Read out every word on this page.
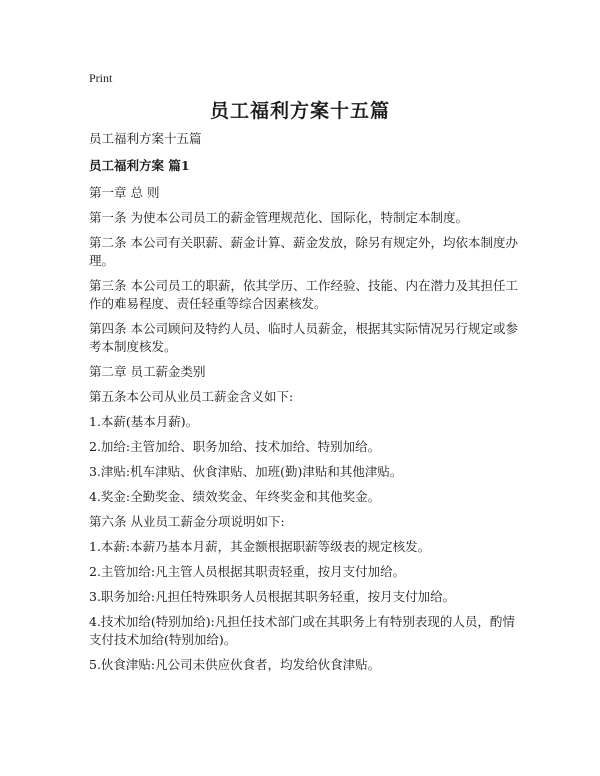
Print
员工福利方案十五篇

员工福利方案十五篇

员工福利方案 篇1

第一章 总 则

第一条 为使本公司员工的薪金管理规范化、国际化，特制定本制度。

第二条 本公司有关职薪、薪金计算、薪金发放，除另有规定外，均依本制度办理。

第三条 本公司员工的职薪，依其学历、工作经验、技能、内在潜力及其担任工作的难易程度、责任轻重等综合因素核发。

第四条 本公司顾问及特约人员、临时人员薪金，根据其实际情况另行规定或参考本制度核发。

第二章 员工薪金类别

第五条本公司从业员工薪金含义如下:

1.本薪(基本月薪)。

2.加给:主管加给、职务加给、技术加给、特别加给。

3.津贴:机车津贴、伙食津贴、加班(勤)津贴和其他津贴。

4.奖金:全勤奖金、绩效奖金、年终奖金和其他奖金。

第六条 从业员工薪金分项说明如下:

1.本薪:本薪乃基本月薪，其金额根据职薪等级表的规定核发。

2.主管加给:凡主管人员根据其职责轻重，按月支付加给。

3.职务加给:凡担任特殊职务人员根据其职务轻重，按月支付加给。

4.技术加给(特别加给):凡担任技术部门或在其职务上有特别表现的人员，酌情支付技术加给(特别加给)。

5.伙食津贴:凡公司未供应伙食者，均发给伙食津贴。
